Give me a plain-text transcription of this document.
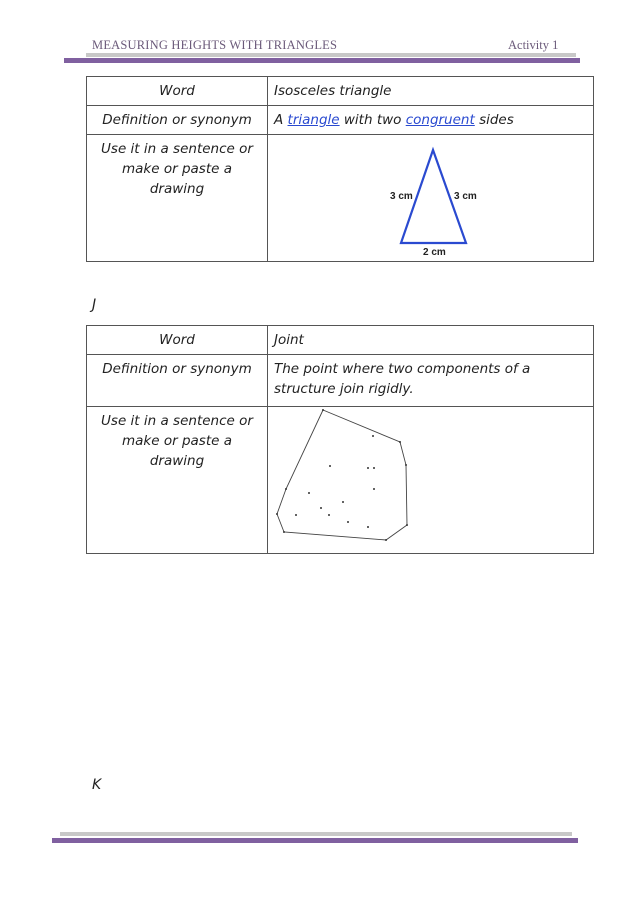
MEASURING HEIGHTS WITH TRIANGLES	Activity 1
Word	Isosceles triangle
Definition or synonym	A triangle with two congruent sides
Use it in a sentence or make or paste a drawing	3 cm 3 cm
2 cm
J
Word	Joint
Definition or synonym	The point where two components of a structure join rigidly.
Use it in a sentence or make or paste a drawing	
K
